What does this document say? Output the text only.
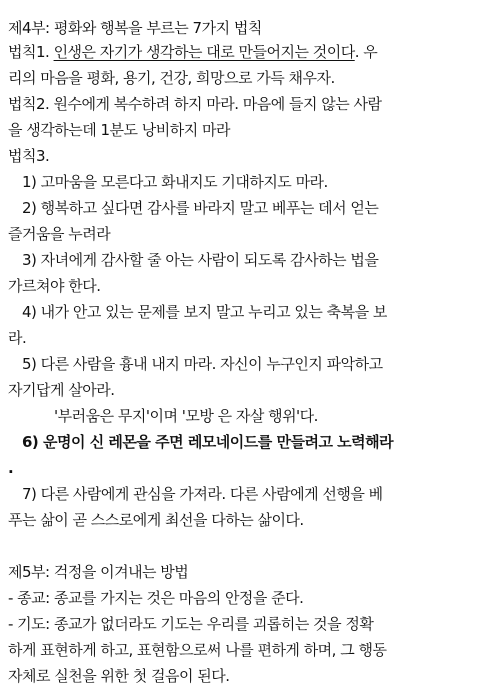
제4부: 평화와 행복을 부르는 7가지 법칙
법칙1. 인생은 자기가 생각하는 대로 만들어지는 것이다. 우
리의 마음을 평화, 용기, 건강, 희망으로 가득 채우자.
법칙2. 원수에게 복수하려 하지 마라. 마음에 들지 않는 사람
을 생각하는데 1분도 낭비하지 마라
법칙3.
1) 고마움을 모른다고 화내지도 기대하지도 마라.
2) 행복하고 싶다면 감사를 바라지 말고 베푸는 데서 얻는
즐거움을 누려라
3) 자녀에게 감사할 줄 아는 사람이 되도록 감사하는 법을
가르쳐야 한다.
4) 내가 안고 있는 문제를 보지 말고 누리고 있는 축복을 보
라.
5) 다른 사람을 흉내 내지 마라. 자신이 누구인지 파악하고
자기답게 살아라.
'부러움은 무지'이며 '모방 은 자살 행위'다.
6) 운명이 신 레몬을 주면 레모네이드를 만들려고 노력해라
.
7) 다른 사람에게 관심을 가져라. 다른 사람에게 선행을 베
푸는 삶이 곧 스스로에게 최선을 다하는 삶이다.
제5부: 걱정을 이겨내는 방법
- 종교: 종교를 가지는 것은 마음의 안정을 준다.
- 기도: 종교가 없더라도 기도는 우리를 괴롭히는 것을 정확
하게 표현하게 하고, 표현함으로써 나를 편하게 하며, 그 행동
자체로 실천을 위한 첫 걸음이 된다.
